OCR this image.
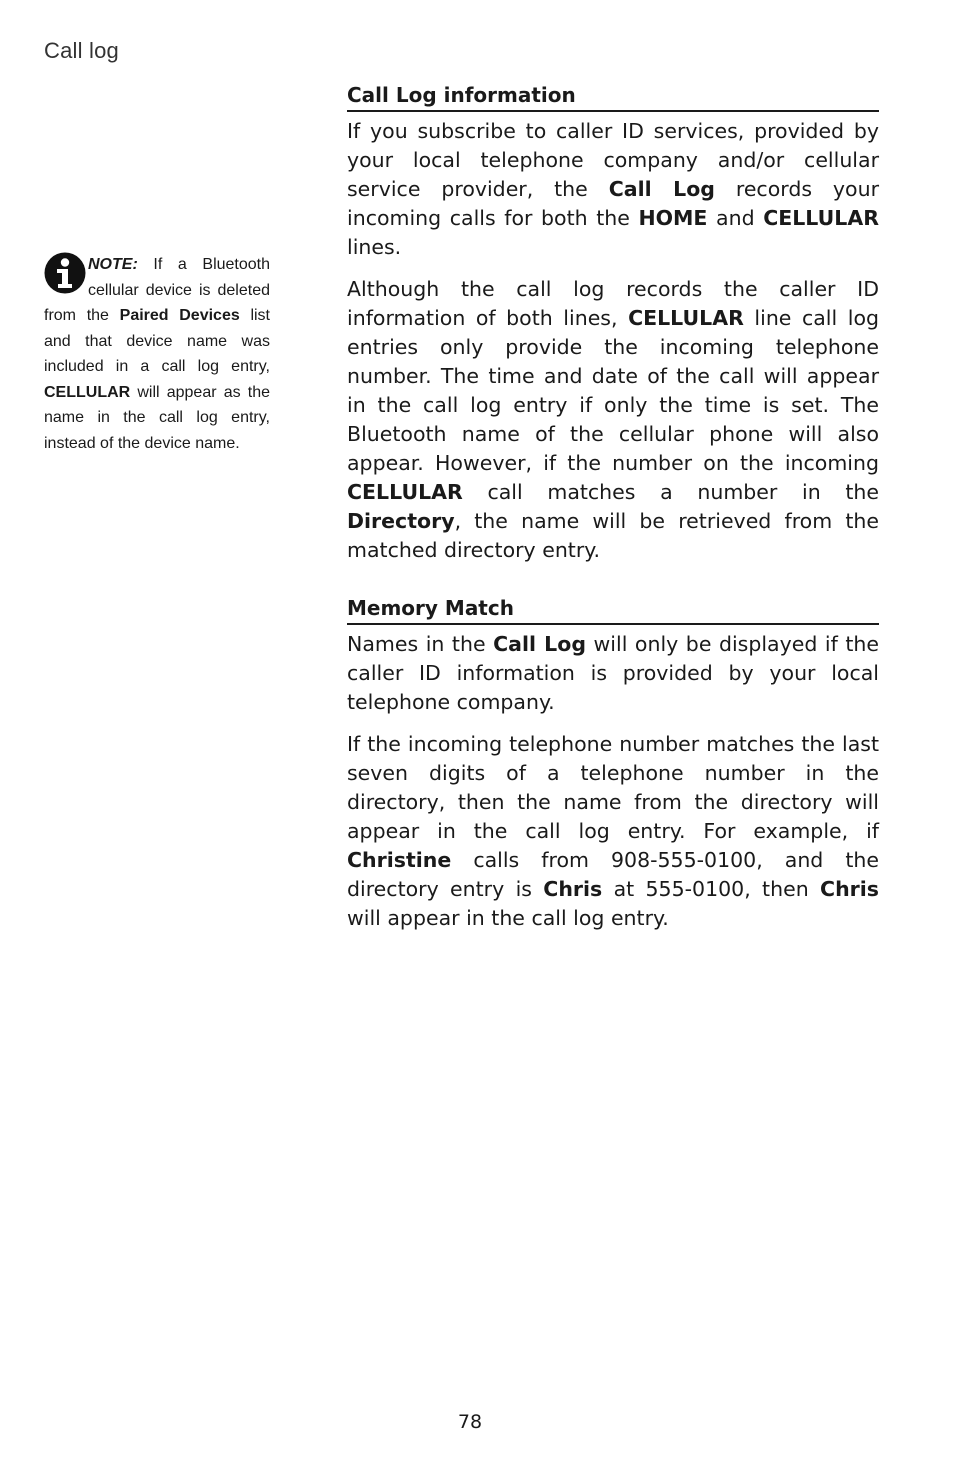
Call log
NOTE: If a Bluetooth cellular device is deleted from the Paired Devices list and that device name was included in a call log entry, CELLULAR will appear as the name in the call log entry, instead of the device name.
Call Log information

If you subscribe to caller ID services, provided by your local telephone company and/or cellular service provider, the Call Log records your incoming calls for both the HOME and CELLULAR lines.

Although the call log records the caller ID information of both lines, CELLULAR line call log entries only provide the incoming telephone number. The time and date of the call will appear in the call log entry if only the time is set. The Bluetooth name of the cellular phone will also appear. However, if the number on the incoming CELLULAR call matches a number in the Directory, the name will be retrieved from the matched directory entry.

Memory Match

Names in the Call Log will only be displayed if the caller ID information is provided by your local telephone company.

If the incoming telephone number matches the last seven digits of a telephone number in the directory, then the name from the directory will appear in the call log entry. For example, if Christine calls from 908-555-0100, and the directory entry is Chris at 555-0100, then Chris will appear in the call log entry.

78
